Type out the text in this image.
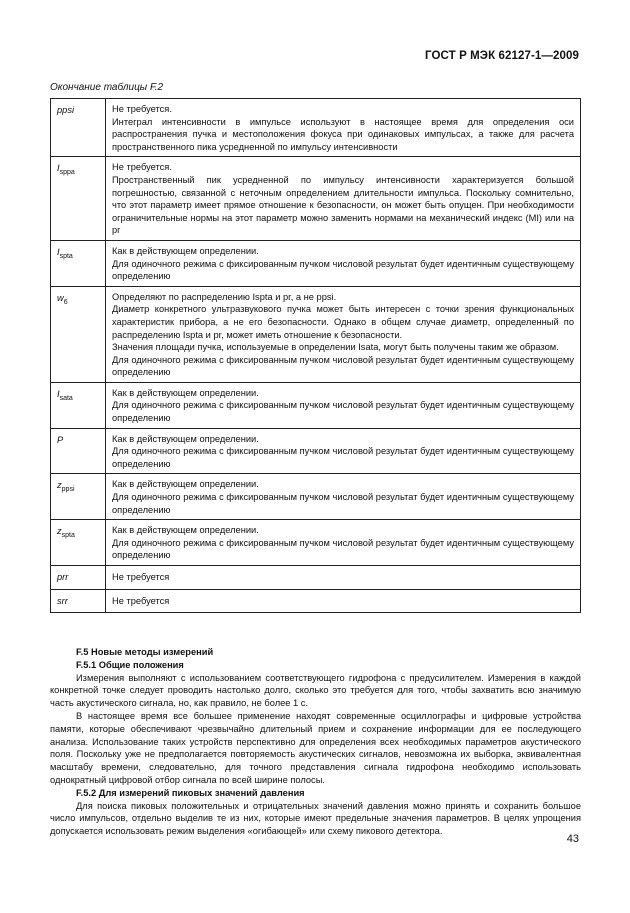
ГОСТ Р МЭК 62127-1—2009
Окончание таблицы F.2
ppsi	Не требуется.

Интеграл интенсивности в импульсе используют в настоящее время для определения оси распространения пучка и местоположения фокуса при одинаковых импульсах, а также для расчета пространственного пика усредненной по импульсу интенсивности

$I_{sppa}$	Не требуется.

Пространственный пик усредненной по импульсу интенсивности характеризуется большой погрешностью, связанной с неточным определением длительности импульса. Поскольку сомнительно, что этот параметр имеет прямое отношение к безопасности, он может быть опущен. При необходимости ограничительные нормы на этот параметр можно заменить нормами на механический индекс (MI) или на pr

$I_{spta}$	Как в действующем определении.

Для одиночного режима с фиксированным пучком числовой результат будет идентичным существующему определению

$w_6$	Определяют по распределению Ispta и pr, а не ppsi.

Диаметр конкретного ультразвукового пучка может быть интересен с точки зрения функциональных характеристик прибора, а не его безопасности. Однако в общем случае диаметр, определенный по распределению Ispta и pr, может иметь отношение к безопасности.

Значения площади пучка, используемые в определении Isata, могут быть получены таким же образом.

Для одиночного режима с фиксированным пучком числовой результат будет идентичным существующему определению

$I_{sata}$	Как в действующем определении.

Для одиночного режима с фиксированным пучком числовой результат будет идентичным существующему определению

P	Как в действующем определении.

Для одиночного режима с фиксированным пучком числовой результат будет идентичным существующему определению

$z_{ppsi}$	Как в действующем определении.

Для одиночного режима с фиксированным пучком числовой результат будет идентичным существующему определению

$z_{spta}$	Как в действующем определении.

Для одиночного режима с фиксированным пучком числовой результат будет идентичным существующему определению

prr	Не требуется

srr	Не требуется

F.5 Новые методы измерений

F.5.1 Общие положения

Измерения выполняют с использованием соответствующего гидрофона с предусилителем. Измерения в каждой конкретной точке следует проводить настолько долго, сколько это требуется для того, чтобы захватить всю значимую часть акустического сигнала, но, как правило, не более 1 с.

В настоящее время все большее применение находят современные осциллографы и цифровые устройства памяти, которые обеспечивают чрезвычайно длительный прием и сохранение информации для ее последующего анализа. Использование таких устройств перспективно для определения всех необходимых параметров акустического поля. Поскольку уже не предполагается повторяемость акустических сигналов, невозможна их выборка, эквивалентная масштабу времени, следовательно, для точного представления сигнала гидрофона необходимо использовать однократный цифровой отбор сигнала по всей ширине полосы.

F.5.2 Для измерений пиковых значений давления

Для поиска пиковых положительных и отрицательных значений давления можно принять и сохранить большое число импульсов, отдельно выделив те из них, которые имеют предельные значения параметров. В целях упрощения допускается использовать режим выделения «огибающей» или схему пикового детектора.

43
